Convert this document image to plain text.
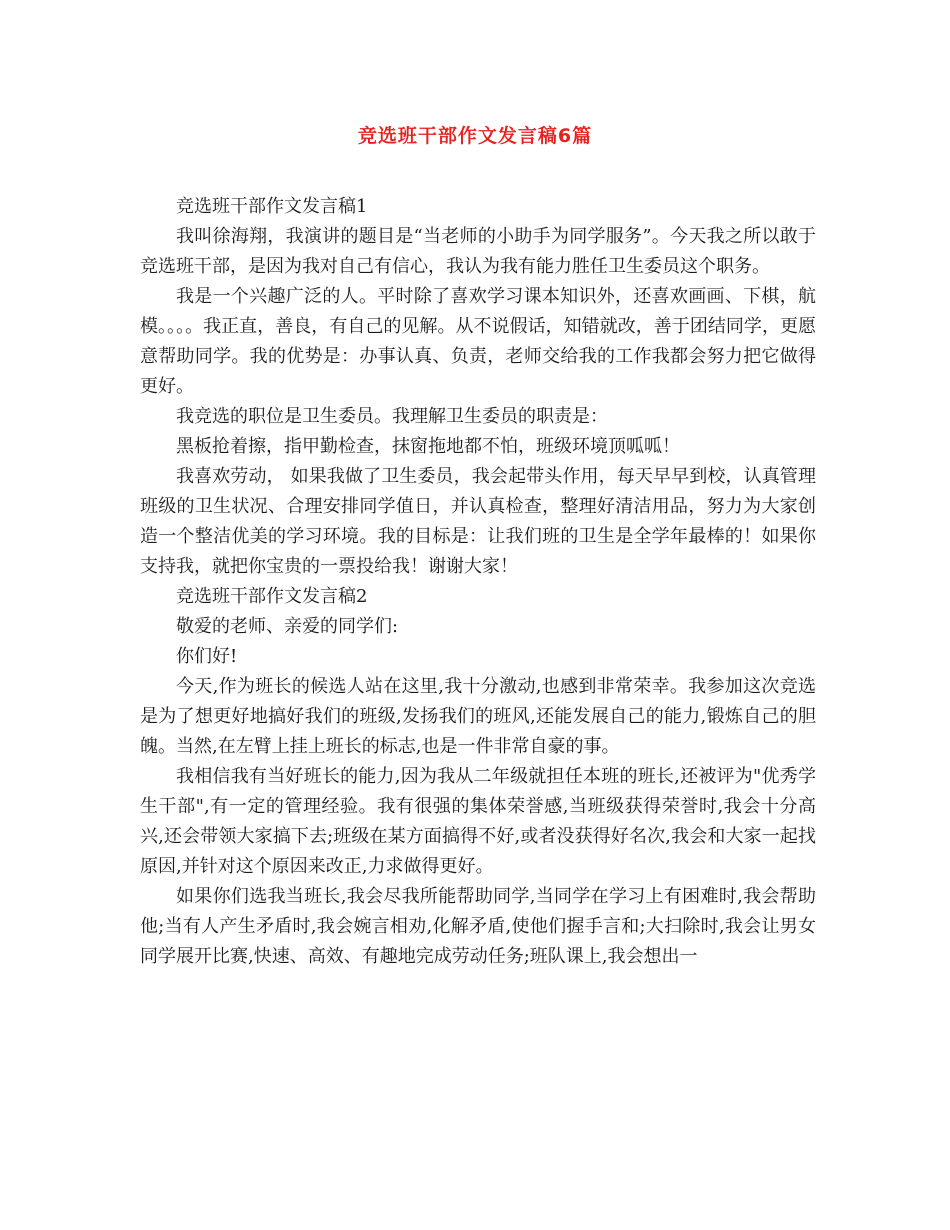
竞选班干部作文发言稿6篇

竞选班干部作文发言稿1

我叫徐海翔，我演讲的题目是“当老师的小助手为同学服务”。今天我之所以敢于竞选班干部，是因为我对自己有信心，我认为我有能力胜任卫生委员这个职务。

我是一个兴趣广泛的人。平时除了喜欢学习课本知识外，还喜欢画画、下棋，航模。。。。我正直，善良，有自己的见解。从不说假话，知错就改，善于团结同学，更愿意帮助同学。我的优势是：办事认真、负责，老师交给我的工作我都会努力把它做得更好。

我竞选的职位是卫生委员。我理解卫生委员的职责是：

黑板抢着擦，指甲勤检查，抹窗拖地都不怕，班级环境顶呱呱！

我喜欢劳动， 如果我做了卫生委员，我会起带头作用，每天早早到校，认真管理班级的卫生状况、合理安排同学值日，并认真检查，整理好清洁用品，努力为大家创造一个整洁优美的学习环境。我的目标是：让我们班的卫生是全学年最棒的！如果你支持我，就把你宝贵的一票投给我！谢谢大家！

竞选班干部作文发言稿2

敬爱的老师、亲爱的同学们:

你们好!

今天,作为班长的候选人站在这里,我十分激动,也感到非常荣幸。我参加这次竞选是为了想更好地搞好我们的班级,发扬我们的班风,还能发展自己的能力,锻炼自己的胆魄。当然,在左臂上挂上班长的标志,也是一件非常自豪的事。

我相信我有当好班长的能力,因为我从二年级就担任本班的班长,还被评为"优秀学生干部",有一定的管理经验。我有很强的集体荣誉感,当班级获得荣誉时,我会十分高兴,还会带领大家搞下去;班级在某方面搞得不好,或者没获得好名次,我会和大家一起找原因,并针对这个原因来改正,力求做得更好。

如果你们选我当班长,我会尽我所能帮助同学,当同学在学习上有困难时,我会帮助他;当有人产生矛盾时,我会婉言相劝,化解矛盾,使他们握手言和;大扫除时,我会让男女同学展开比赛,快速、高效、有趣地完成劳动任务;班队课上,我会想出一
